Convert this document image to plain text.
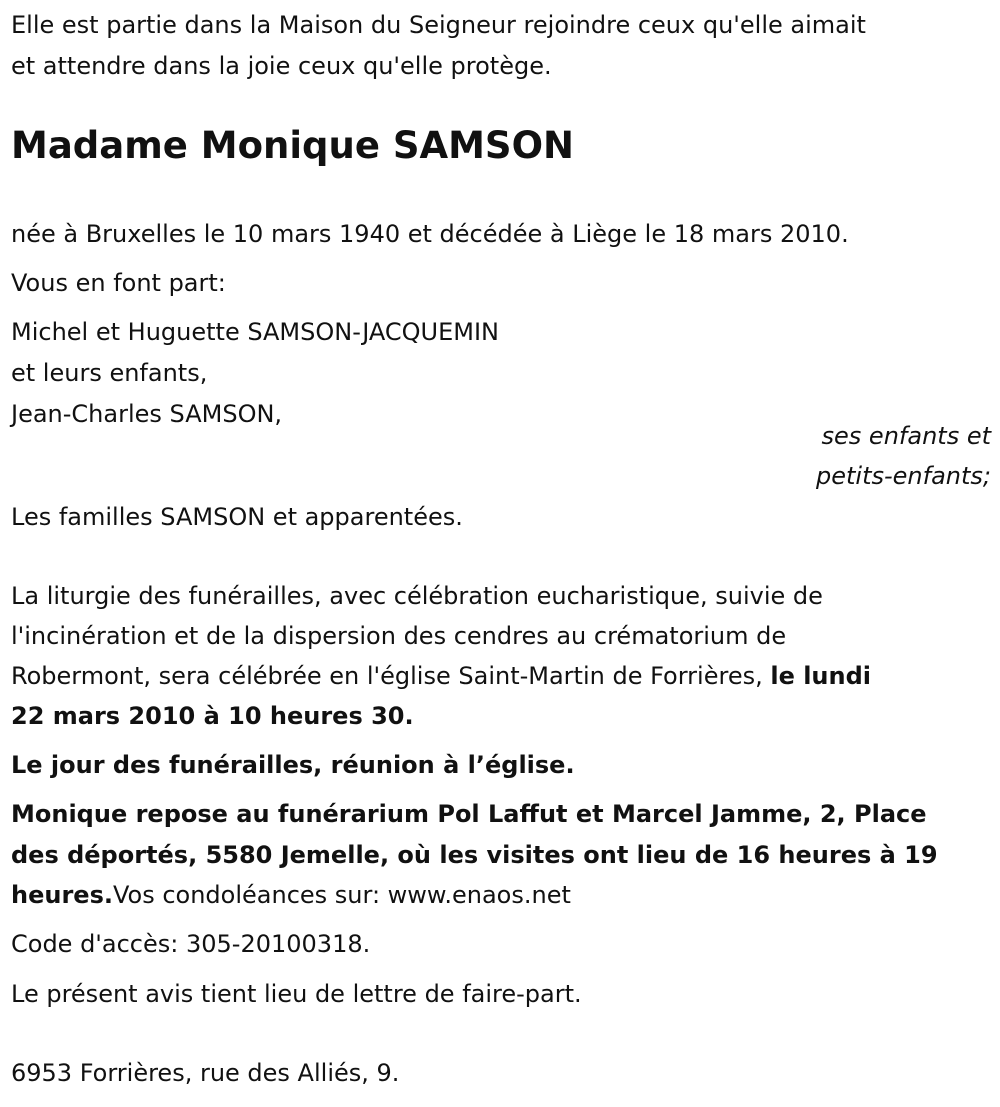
Elle est partie dans la Maison du Seigneur rejoindre ceux qu'elle aimait
et attendre dans la joie ceux qu'elle protège.
Madame Monique SAMSON
née à Bruxelles le 10 mars 1940 et décédée à Liège le 18 mars 2010.
Vous en font part:
Michel et Huguette SAMSON-JACQUEMIN
et leurs enfants,
Jean-Charles SAMSON,
ses enfants et
petits-enfants;
Les familles SAMSON et apparentées.
La liturgie des funérailles, avec célébration eucharistique, suivie de
l'incinération et de la dispersion des cendres au crématorium de
Robermont, sera célébrée en l'église Saint-Martin de Forrières, le lundi
22 mars 2010 à 10 heures 30.
Le jour des funérailles, réunion à l’église.
Monique repose au funérarium Pol Laffut et Marcel Jamme, 2, Place
des déportés, 5580 Jemelle, où les visites ont lieu de 16 heures à 19
heures.Vos condoléances sur: www.enaos.net
Code d'accès: 305-20100318.
Le présent avis tient lieu de lettre de faire-part.
6953 Forrières, rue des Alliés, 9.
